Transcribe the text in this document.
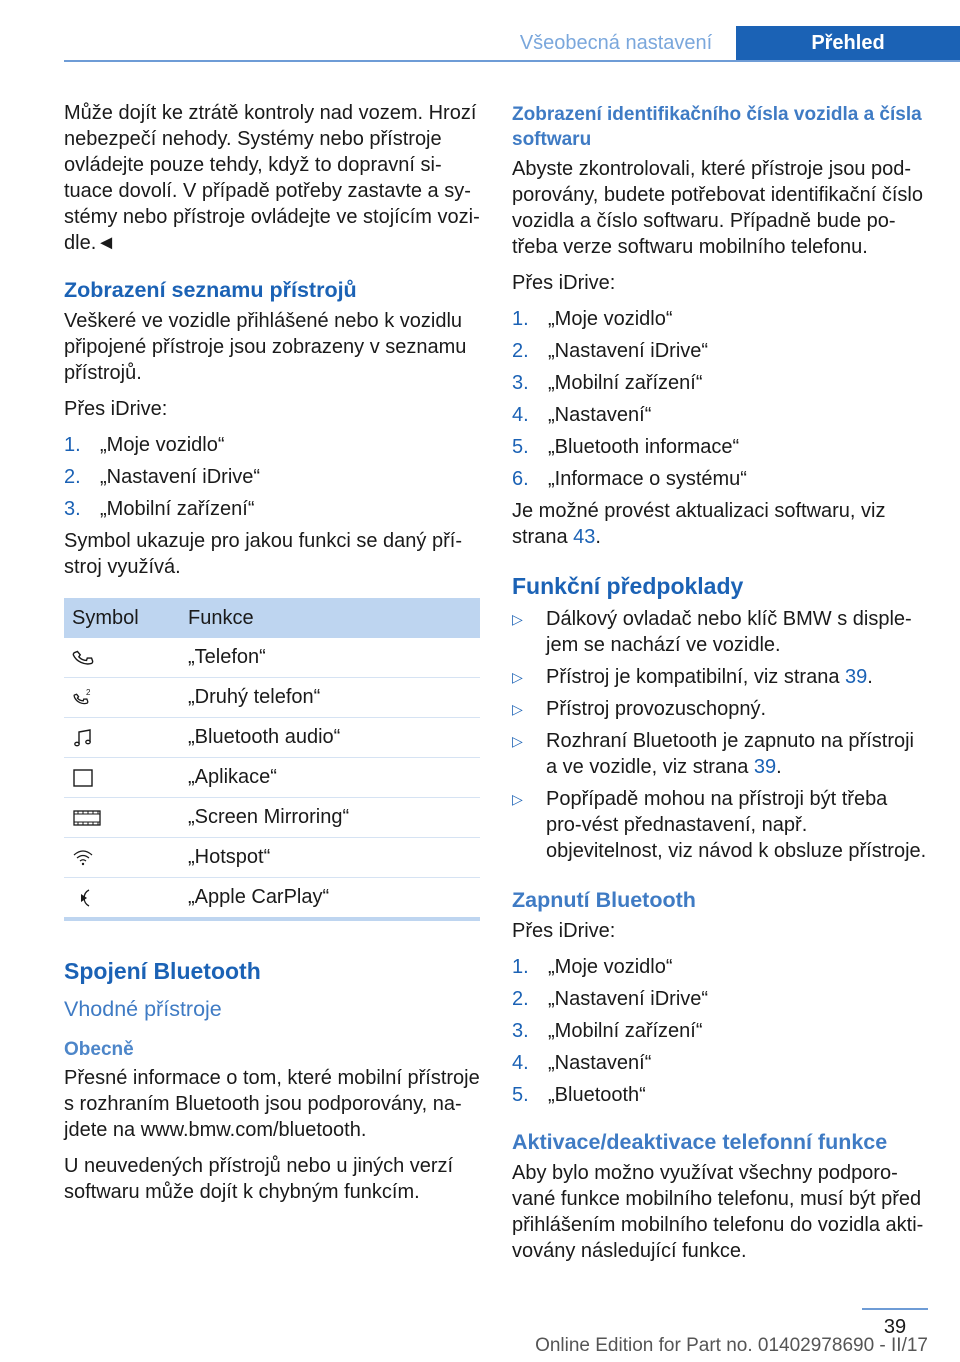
Všeobecná nastavení	Přehled

Může dojít ke ztrátě kontroly nad vozem. Hrozí nebezpečí nehody. Systémy nebo přístroje ovládejte pouze tehdy, když to dopravní si‐tuace dovolí. V případě potřeby zastavte a sy‐stémy nebo přístroje ovládejte ve stojícím vozi‐dle.◄

Zobrazení seznamu přístrojů

Veškeré ve vozidle přihlášené nebo k vozidlu připojené přístroje jsou zobrazeny v seznamu přístrojů.

Přes iDrive:

1. „Moje vozidlo“
2. „Nastavení iDrive“
3. „Mobilní zařízení“

Symbol ukazuje pro jakou funkci se daný pří‐stroj využívá.

Symbol	Funkce

	„Telefon“

2	„Druhý telefon“

	„Bluetooth audio“

	„Aplikace“

	„Screen Mirroring“

	„Hotspot“

	„Apple CarPlay“
Spojení Bluetooth
Vhodné přístroje
Obecně

Přesné informace o tom, které mobilní přístroje s rozhraním Bluetooth jsou podporovány, na‐jdete na www.bmw.com/bluetooth.

U neuvedených přístrojů nebo u jiných verzí softwaru může dojít k chybným funkcím.

Zobrazení identifikačního čísla vozidla a čísla softwaru

Abyste zkontrolovali, které přístroje jsou pod‐porovány, budete potřebovat identifikační číslo vozidla a číslo softwaru. Případně bude po‐třeba verze softwaru mobilního telefonu.

Přes iDrive:

1. „Moje vozidlo“
2. „Nastavení iDrive“
3. „Mobilní zařízení“
4. „Nastavení“
5. „Bluetooth informace“
6. „Informace o systému“

Je možné provést aktualizaci softwaru, viz strana 43.

Funkční předpoklady
▷ Dálkový ovladač nebo klíč BMW s disple‐jem se nachází ve vozidle.
▷ Přístroj je kompatibilní, viz strana 39.
▷ Přístroj provozuschopný.
▷ Rozhraní Bluetooth je zapnuto na přístroji a ve vozidle, viz strana 39.
▷ Popřípadě mohou na přístroji být třeba pro‐vést přednastavení, např. objevitelnost, viz návod k obsluze přístroje.
Zapnutí Bluetooth

Přes iDrive:

1. „Moje vozidlo“
2. „Nastavení iDrive“
3. „Mobilní zařízení“
4. „Nastavení“
5. „Bluetooth“
Aktivace/deaktivace telefonní funkce

Aby bylo možno využívat všechny podporo‐vané funkce mobilního telefonu, musí být před přihlášením mobilního telefonu do vozidla akti‐vovány následující funkce.

39
Online Edition for Part no. 01402978690 - II/17
